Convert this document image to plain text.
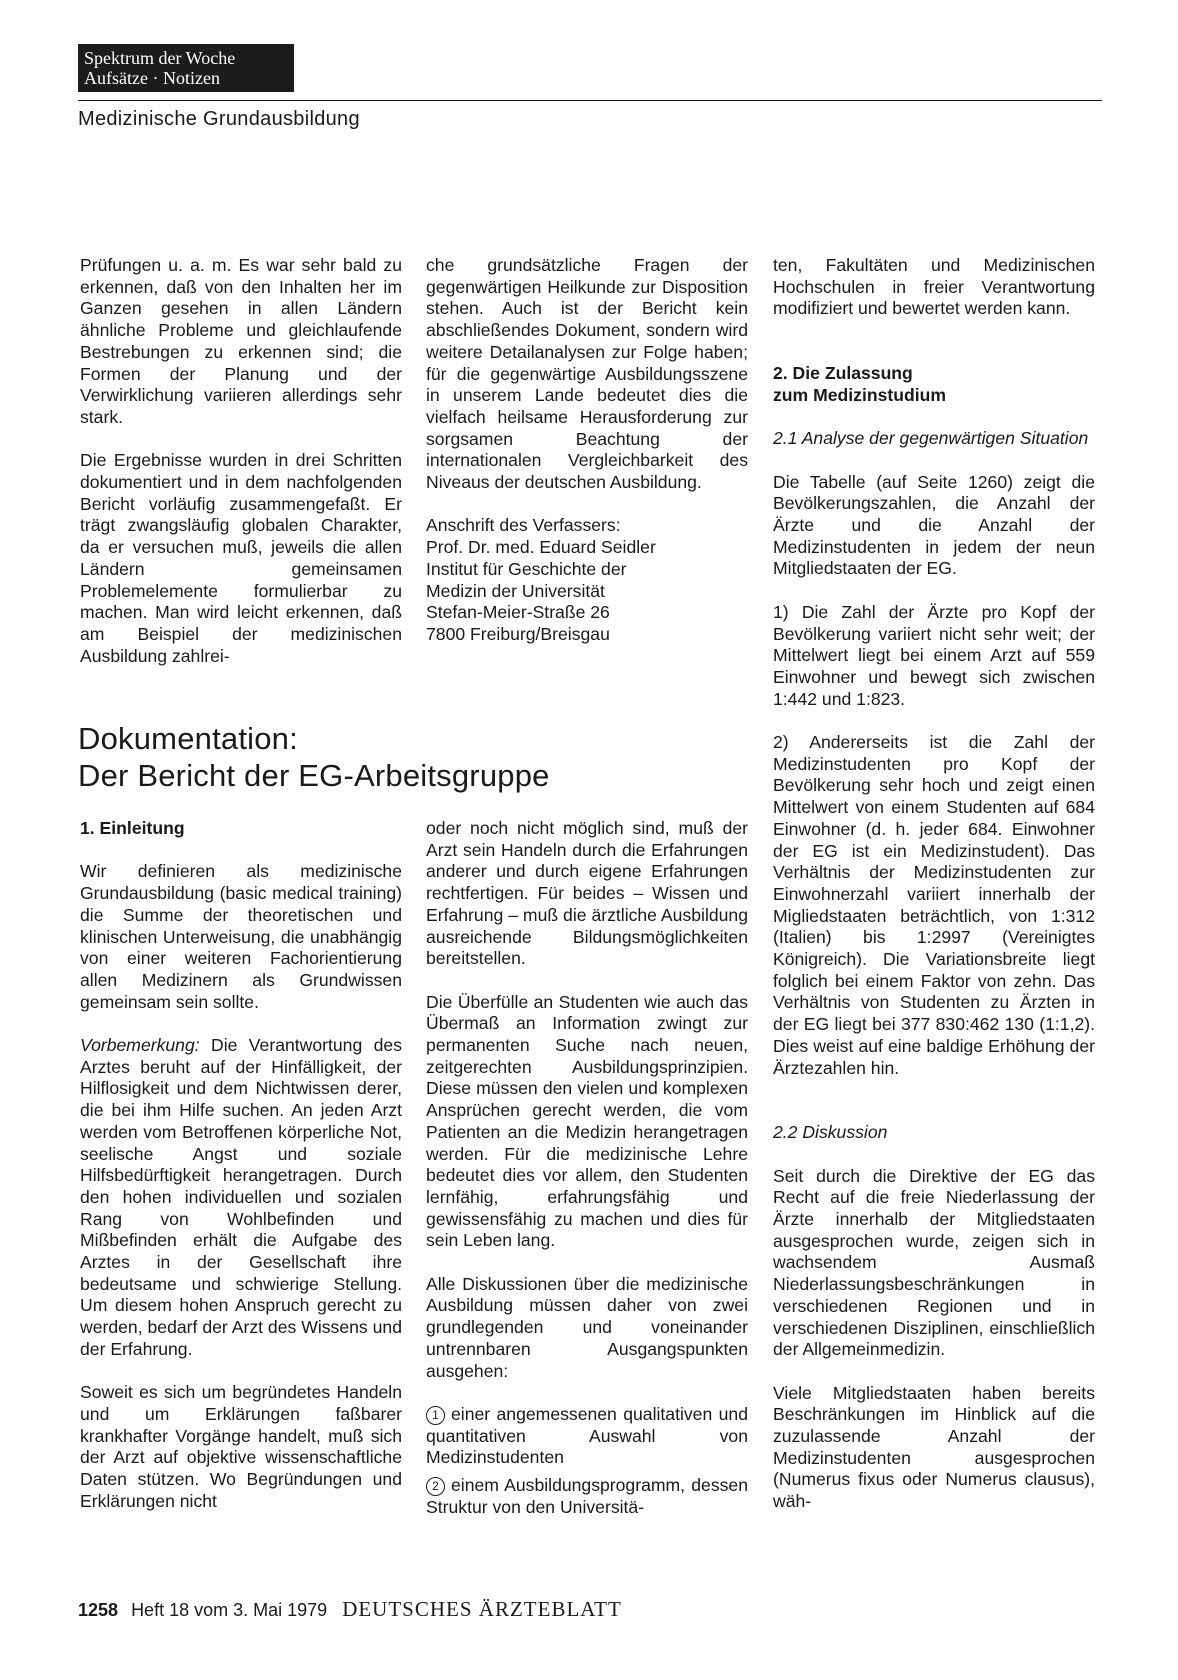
Spektrum der Woche
Aufsätze · Notizen
Medizinische Grundausbildung

Prüfungen u. a. m. Es war sehr bald zu erkennen, daß von den Inhalten her im Ganzen gesehen in allen Ländern ähnliche Probleme und gleichlaufende Bestrebungen zu erkennen sind; die Formen der Planung und der Verwirklichung variieren allerdings sehr stark.

Die Ergebnisse wurden in drei Schritten dokumentiert und in dem nachfolgenden Bericht vorläufig zusammengefaßt. Er trägt zwangsläufig globalen Charakter, da er versuchen muß, jeweils die allen Ländern gemeinsamen Problemelemente formulierbar zu machen. Man wird leicht erkennen, daß am Beispiel der medizinischen Ausbildung zahlrei-

che grundsätzliche Fragen der gegenwärtigen Heilkunde zur Disposition stehen. Auch ist der Bericht kein abschließendes Dokument, sondern wird weitere Detailanalysen zur Folge haben; für die gegenwärtige Ausbildungsszene in unserem Lande bedeutet dies die vielfach heilsame Herausforderung zur sorgsamen Beachtung der internationalen Vergleichbarkeit des Niveaus der deutschen Ausbildung.

Anschrift des Verfassers:
Prof. Dr. med. Eduard Seidler
Institut für Geschichte der
Medizin der Universität
Stefan-Meier-Straße 26
7800 Freiburg/Breisgau

ten, Fakultäten und Medizinischen Hochschulen in freier Verantwortung modifiziert und bewertet werden kann.

2. Die Zulassung
zum Medizinstudium

2.1 Analyse der gegenwärtigen Situation

Die Tabelle (auf Seite 1260) zeigt die Bevölkerungszahlen, die Anzahl der Ärzte und die Anzahl der Medizinstudenten in jedem der neun Mitgliedstaaten der EG.

1) Die Zahl der Ärzte pro Kopf der Bevölkerung variiert nicht sehr weit; der Mittelwert liegt bei einem Arzt auf 559 Einwohner und bewegt sich zwischen 1:442 und 1:823.

2) Andererseits ist die Zahl der Medizinstudenten pro Kopf der Bevölkerung sehr hoch und zeigt einen Mittelwert von einem Studenten auf 684 Einwohner (d. h. jeder 684. Einwohner der EG ist ein Medizinstudent). Das Verhältnis der Medizinstudenten zur Einwohnerzahl variiert innerhalb der Migliedstaaten beträchtlich, von 1:312 (Italien) bis 1:2997 (Vereinigtes Königreich). Die Variationsbreite liegt folglich bei einem Faktor von zehn. Das Verhältnis von Studenten zu Ärzten in der EG liegt bei 377 830:462 130 (1:1,2). Dies weist auf eine baldige Erhöhung der Ärztezahlen hin.

2.2 Diskussion

Seit durch die Direktive der EG das Recht auf die freie Niederlassung der Ärzte innerhalb der Mitgliedstaaten ausgesprochen wurde, zeigen sich in wachsendem Ausmaß Niederlassungsbeschränkungen in verschiedenen Regionen und in verschiedenen Disziplinen, einschließlich der Allgemeinmedizin.

Viele Mitgliedstaaten haben bereits Beschränkungen im Hinblick auf die zuzulassende Anzahl der Medizinstudenten ausgesprochen (Numerus fixus oder Numerus clausus), wäh-

Dokumentation:
Der Bericht der EG-Arbeitsgruppe

1. Einleitung

Wir definieren als medizinische Grundausbildung (basic medical training) die Summe der theoretischen und klinischen Unterweisung, die unabhängig von einer weiteren Fachorientierung allen Medizinern als Grundwissen gemeinsam sein sollte.

Vorbemerkung: Die Verantwortung des Arztes beruht auf der Hinfälligkeit, der Hilflosigkeit und dem Nichtwissen derer, die bei ihm Hilfe suchen. An jeden Arzt werden vom Betroffenen körperliche Not, seelische Angst und soziale Hilfsbedürftigkeit herangetragen. Durch den hohen individuellen und sozialen Rang von Wohlbefinden und Mißbefinden erhält die Aufgabe des Arztes in der Gesellschaft ihre bedeutsame und schwierige Stellung. Um diesem hohen Anspruch gerecht zu werden, bedarf der Arzt des Wissens und der Erfahrung.

Soweit es sich um begründetes Handeln und um Erklärungen faßbarer krankhafter Vorgänge handelt, muß sich der Arzt auf objektive wissenschaftliche Daten stützen. Wo Begründungen und Erklärungen nicht

oder noch nicht möglich sind, muß der Arzt sein Handeln durch die Erfahrungen anderer und durch eigene Erfahrungen rechtfertigen. Für beides – Wissen und Erfahrung – muß die ärztliche Ausbildung ausreichende Bildungsmöglichkeiten bereitstellen.

Die Überfülle an Studenten wie auch das Übermaß an Information zwingt zur permanenten Suche nach neuen, zeitgerechten Ausbildungsprinzipien. Diese müssen den vielen und komplexen Ansprüchen gerecht werden, die vom Patienten an die Medizin herangetragen werden. Für die medizinische Lehre bedeutet dies vor allem, den Studenten lernfähig, erfahrungsfähig und gewissensfähig zu machen und dies für sein Leben lang.

Alle Diskussionen über die medizinische Ausbildung müssen daher von zwei grundlegenden und voneinander untrennbaren Ausgangspunkten ausgehen:

1 einer angemessenen qualitativen und quantitativen Auswahl von Medizinstudenten

2 einem Ausbildungsprogramm, dessen Struktur von den Universitä-

1258 Heft 18 vom 3. Mai 1979 DEUTSCHES ÄRZTEBLATT
